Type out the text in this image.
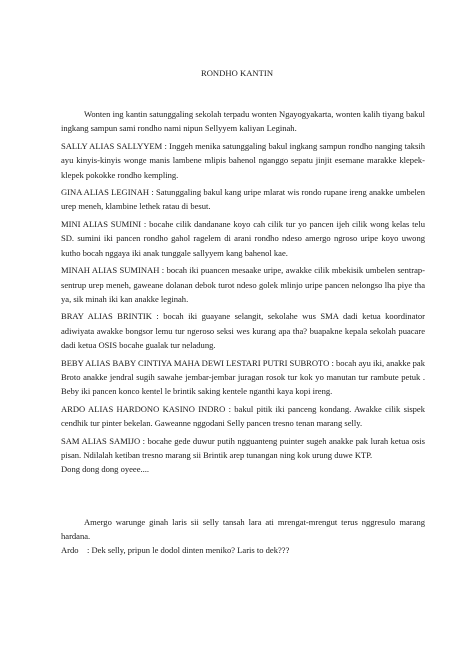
RONDHO KANTIN

Wonten ing kantin satunggaling sekolah terpadu wonten Ngayogyakarta, wonten kalih tiyang bakul ingkang sampun sami rondho nami nipun Sellyyem kaliyan Leginah.

SALLY ALIAS SALLYYEM : Inggeh menika satunggaling bakul ingkang sampun rondho nanging taksih ayu kinyis-kinyis wonge manis lambene mlipis bahenol nganggo sepatu jinjit esemane marakke klepek-klepek pokokke rondho kempling.

GINA ALIAS LEGINAH : Satunggaling bakul kang uripe mlarat wis rondo rupane ireng anakke umbelen urep meneh, klambine lethek ratau di besut.

MINI ALIAS SUMINI : bocahe cilik dandanane koyo cah cilik tur yo pancen ijeh cilik wong kelas telu SD. sumini iki pancen rondho gahol ragelem di arani rondho ndeso amergo ngroso uripe koyo uwong kutho bocah nggaya iki anak tunggale sallyyem kang bahenol kae.

MINAH ALIAS SUMINAH : bocah iki puancen mesaake uripe, awakke cilik mbekisik umbelen sentrap-sentrup urep meneh, gaweane dolanan debok turot ndeso golek mlinjo uripe pancen nelongso lha piye tha ya, sik minah iki kan anakke leginah.

BRAY ALIAS BRINTIK : bocah iki guayane selangit, sekolahe wus SMA dadi ketua koordinator adiwiyata awakke bongsor lemu tur ngeroso seksi wes kurang apa tha? buapakne kepala sekolah puacare dadi ketua OSIS bocahe gualak tur neladung.

BEBY ALIAS BABY CINTIYA MAHA DEWI LESTARI PUTRI SUBROTO : bocah ayu iki, anakke pak Broto anakke jendral sugih sawahe jembar-jembar juragan rosok tur kok yo manutan tur rambute petuk . Beby iki pancen konco kentel le brintik saking kentele nganthi kaya kopi ireng.

ARDO ALIAS HARDONO KASINO INDRO : bakul pitik iki panceng kondang. Awakke cilik sispek cendhik tur pinter bekelan. Gaweanne nggodani Selly pancen tresno tenan marang selly.

SAM ALIAS SAMIJO : bocahe gede duwur putih ngguanteng puinter sugeh anakke pak lurah ketua osis pisan. Ndilalah ketiban tresno marang sii Brintik arep tunangan ning kok urung duwe KTP.

Dong dong dong oyeee....

Amergo warunge ginah laris sii selly tansah lara ati mrengat-mrengut terus nggresulo marang hardana.

Ardo : Dek selly, pripun le dodol dinten meniko? Laris to dek???
